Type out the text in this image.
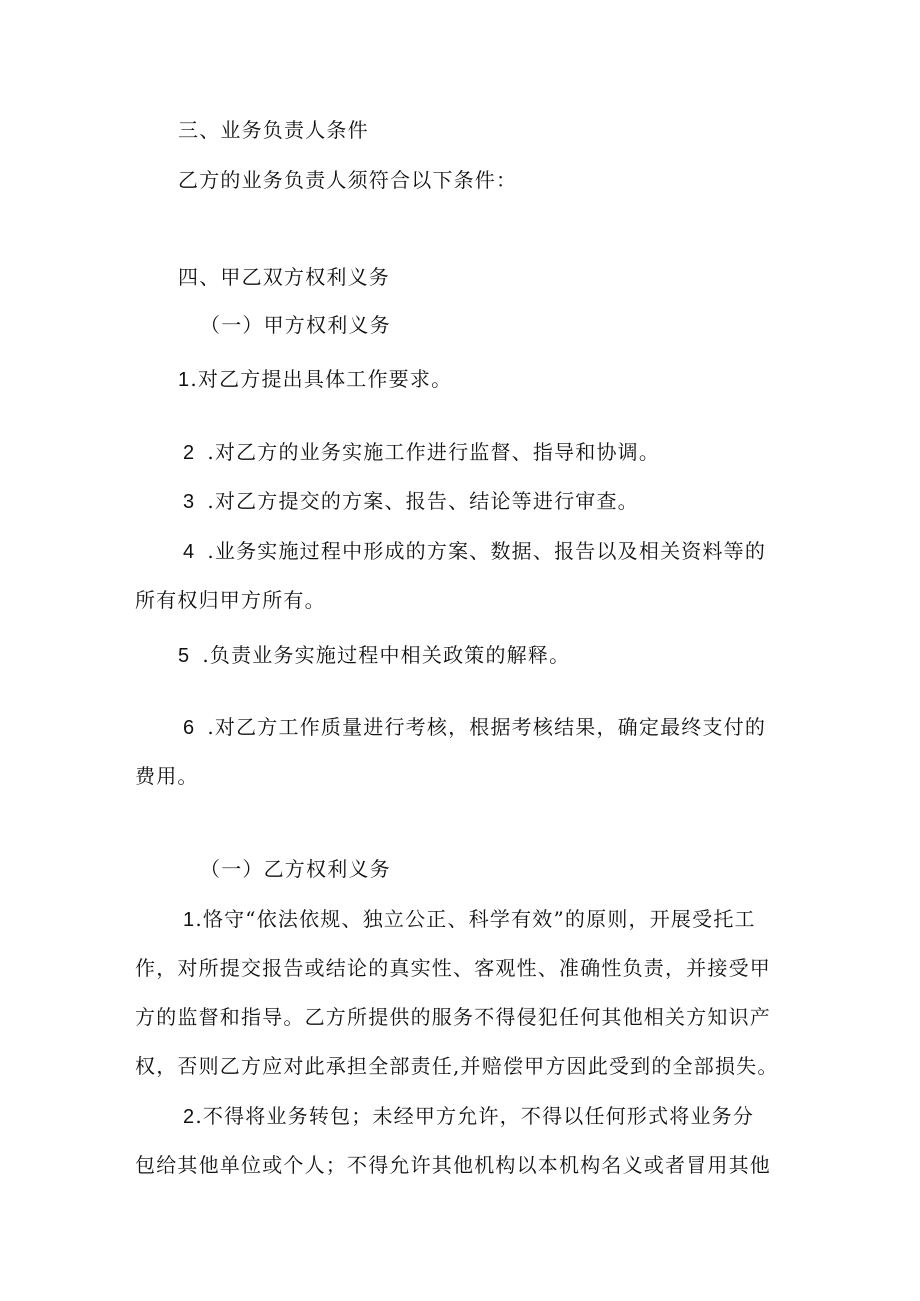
三、业务负责人条件
乙方的业务负责人须符合以下条件：
四、甲乙双方权利义务
（一）甲方权利义务
1.对乙方提出具体工作要求。
2 .对乙方的业务实施工作进行监督、指导和协调。
3 .对乙方提交的方案、报告、结论等进行审查。
4 .业务实施过程中形成的方案、数据、报告以及相关资料等的
所有权归甲方所有。
5 .负责业务实施过程中相关政策的解释。
6 .对乙方工作质量进行考核，根据考核结果，确定最终支付的
费用。
（一）乙方权利义务
1.恪守“依法依规、独立公正、科学有效”的原则，开展受托工
作，对所提交报告或结论的真实性、客观性、准确性负责，并接受甲
方的监督和指导。乙方所提供的服务不得侵犯任何其他相关方知识产
权，否则乙方应对此承担全部责任,并赔偿甲方因此受到的全部损失。
2.不得将业务转包；未经甲方允许，不得以任何形式将业务分
包给其他单位或个人；不得允许其他机构以本机构名义或者冒用其他
